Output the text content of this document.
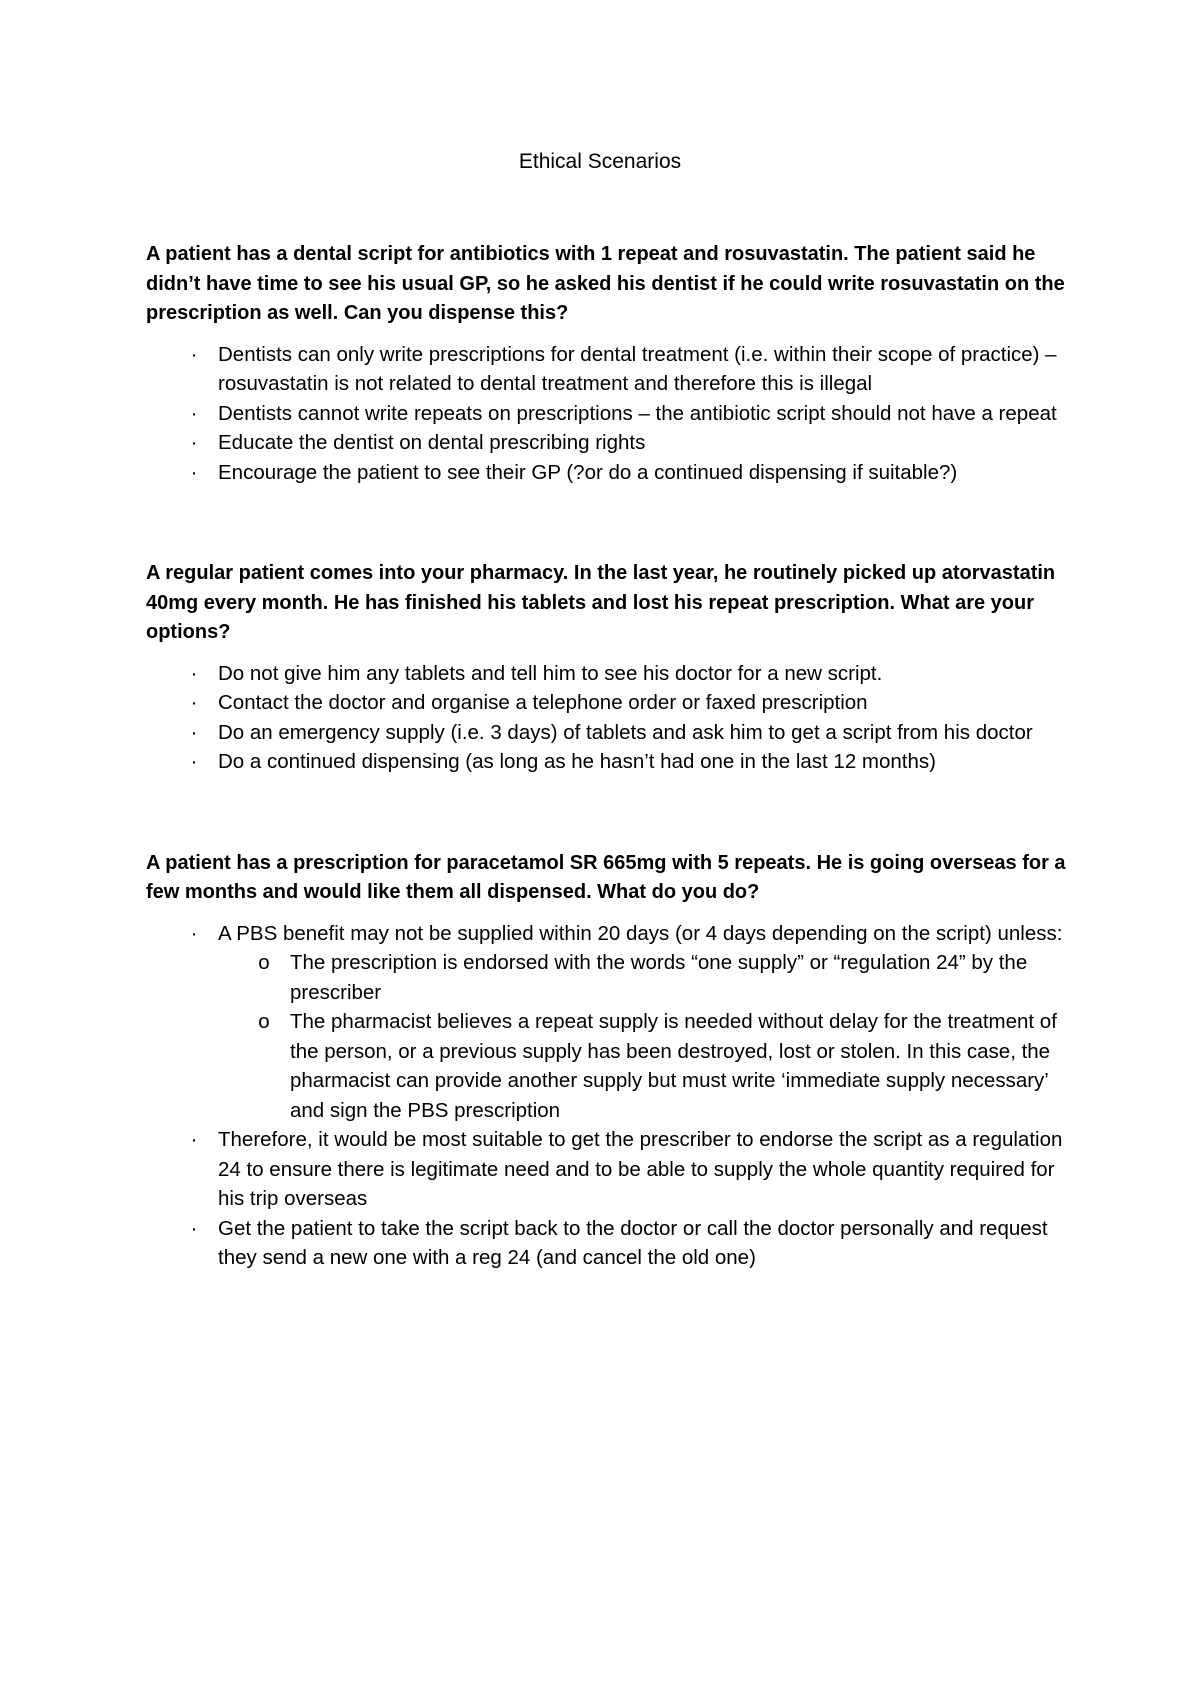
Ethical Scenarios

A patient has a dental script for antibiotics with 1 repeat and rosuvastatin. The patient said he didn’t have time to see his usual GP, so he asked his dentist if he could write rosuvastatin on the prescription as well. Can you dispense this?

·	Dentists can only write prescriptions for dental treatment (i.e. within their scope of practice) – rosuvastatin is not related to dental treatment and therefore this is illegal
·	Dentists cannot write repeats on prescriptions – the antibiotic script should not have a repeat
·	Educate the dentist on dental prescribing rights
·	Encourage the patient to see their GP (?or do a continued dispensing if suitable?)

A regular patient comes into your pharmacy. In the last year, he routinely picked up atorvastatin 40mg every month. He has finished his tablets and lost his repeat prescription. What are your options?

·	Do not give him any tablets and tell him to see his doctor for a new script.
·	Contact the doctor and organise a telephone order or faxed prescription
·	Do an emergency supply (i.e. 3 days) of tablets and ask him to get a script from his doctor
·	Do a continued dispensing (as long as he hasn’t had one in the last 12 months)

A patient has a prescription for paracetamol SR 665mg with 5 repeats. He is going overseas for a few months and would like them all dispensed. What do you do?

·	A PBS benefit may not be supplied within 20 days (or 4 days depending on the script) unless:
o The prescription is endorsed with the words “one supply” or “regulation 24” by the prescriber
o The pharmacist believes a repeat supply is needed without delay for the treatment of the person, or a previous supply has been destroyed, lost or stolen. In this case, the pharmacist can provide another supply but must write ‘immediate supply necessary’ and sign the PBS prescription
·	Therefore, it would be most suitable to get the prescriber to endorse the script as a regulation 24 to ensure there is legitimate need and to be able to supply the whole quantity required for his trip overseas
·	Get the patient to take the script back to the doctor or call the doctor personally and request they send a new one with a reg 24 (and cancel the old one)
